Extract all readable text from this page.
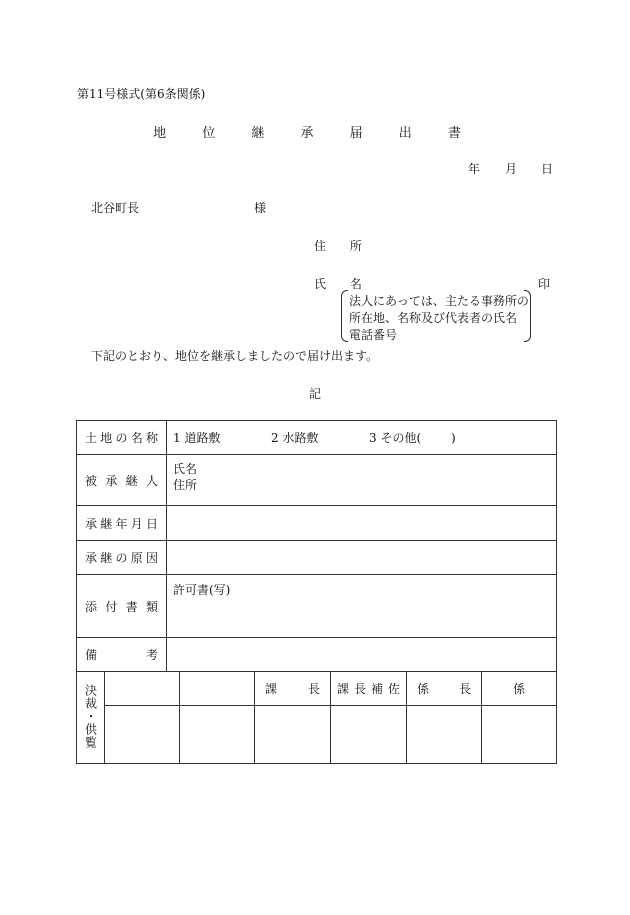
第11号様式(第6条関係)
地 位 継 承 届 出 書
年 月 日
北谷町長	様
住 所
氏 名	印
法人にあっては、主たる事務所の
所在地、名称及び代表者の氏名
電話番号
下記のとおり、地位を継承しましたので届け出ます。
記
土地の名称	1 道路敷 2 水路敷 3 その他( )
被承継人	氏名
住所

承継年月日	
承継の原因	
添付書類	許可書(写)
備考	
決裁・供覧			課長	課長補佐	係長	係
